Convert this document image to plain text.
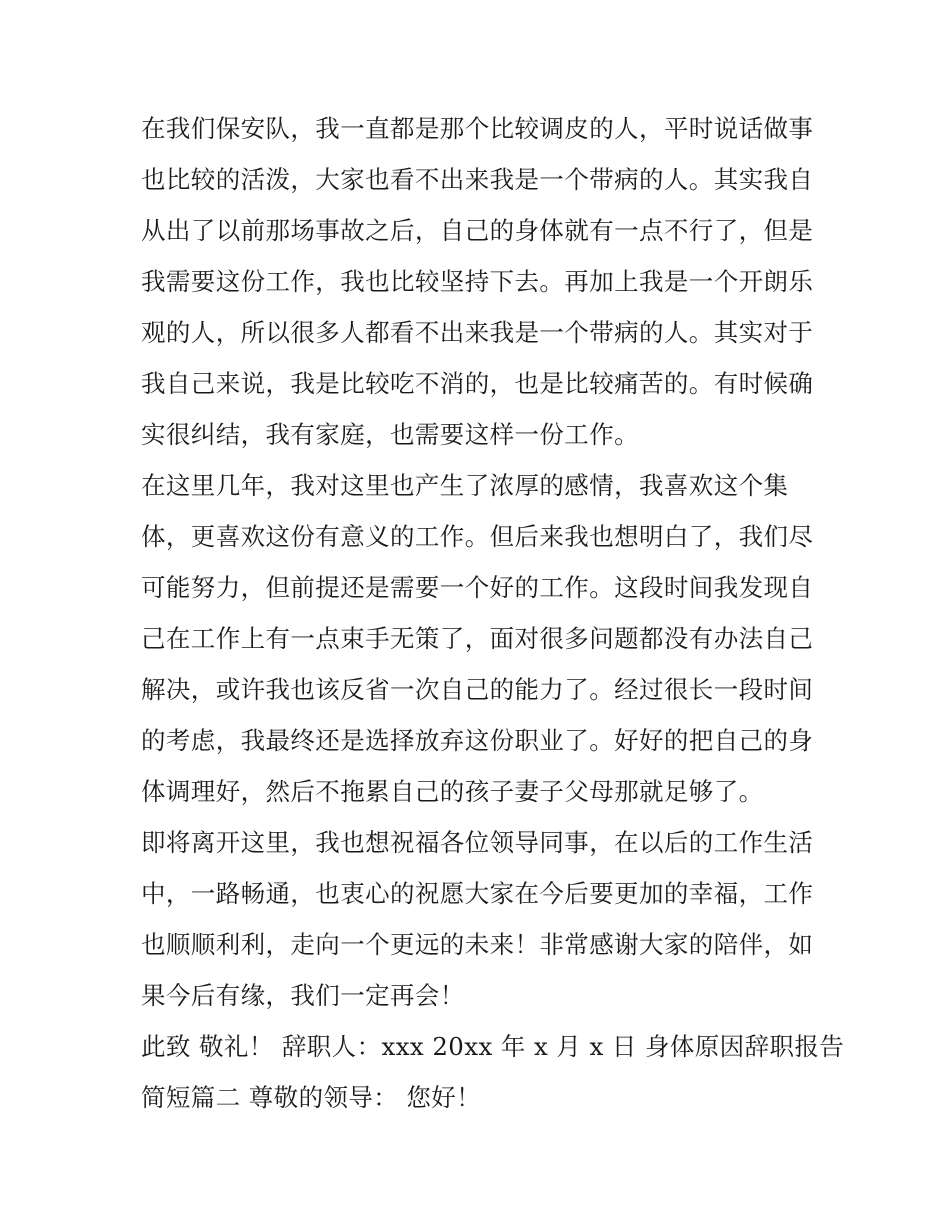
在我们保安队，我一直都是那个比较调皮的人，平时说话做事
也比较的活泼，大家也看不出来我是一个带病的人。其实我自
从出了以前那场事故之后，自己的身体就有一点不行了，但是
我需要这份工作，我也比较坚持下去。再加上我是一个开朗乐
观的人，所以很多人都看不出来我是一个带病的人。其实对于
我自己来说，我是比较吃不消的，也是比较痛苦的。有时候确
实很纠结，我有家庭，也需要这样一份工作。
在这里几年，我对这里也产生了浓厚的感情，我喜欢这个集
体，更喜欢这份有意义的工作。但后来我也想明白了，我们尽
可能努力，但前提还是需要一个好的工作。这段时间我发现自
己在工作上有一点束手无策了，面对很多问题都没有办法自己
解决，或许我也该反省一次自己的能力了。经过很长一段时间
的考虑，我最终还是选择放弃这份职业了。好好的把自己的身
体调理好，然后不拖累自己的孩子妻子父母那就足够了。
即将离开这里，我也想祝福各位领导同事，在以后的工作生活
中，一路畅通，也衷心的祝愿大家在今后要更加的幸福，工作
也顺顺利利，走向一个更远的未来！非常感谢大家的陪伴，如
果今后有缘，我们一定再会！
此致 敬礼！ 辞职人：xxx 20xx 年 x 月 x 日 身体原因辞职报告
简短篇二 尊敬的领导： 您好！
